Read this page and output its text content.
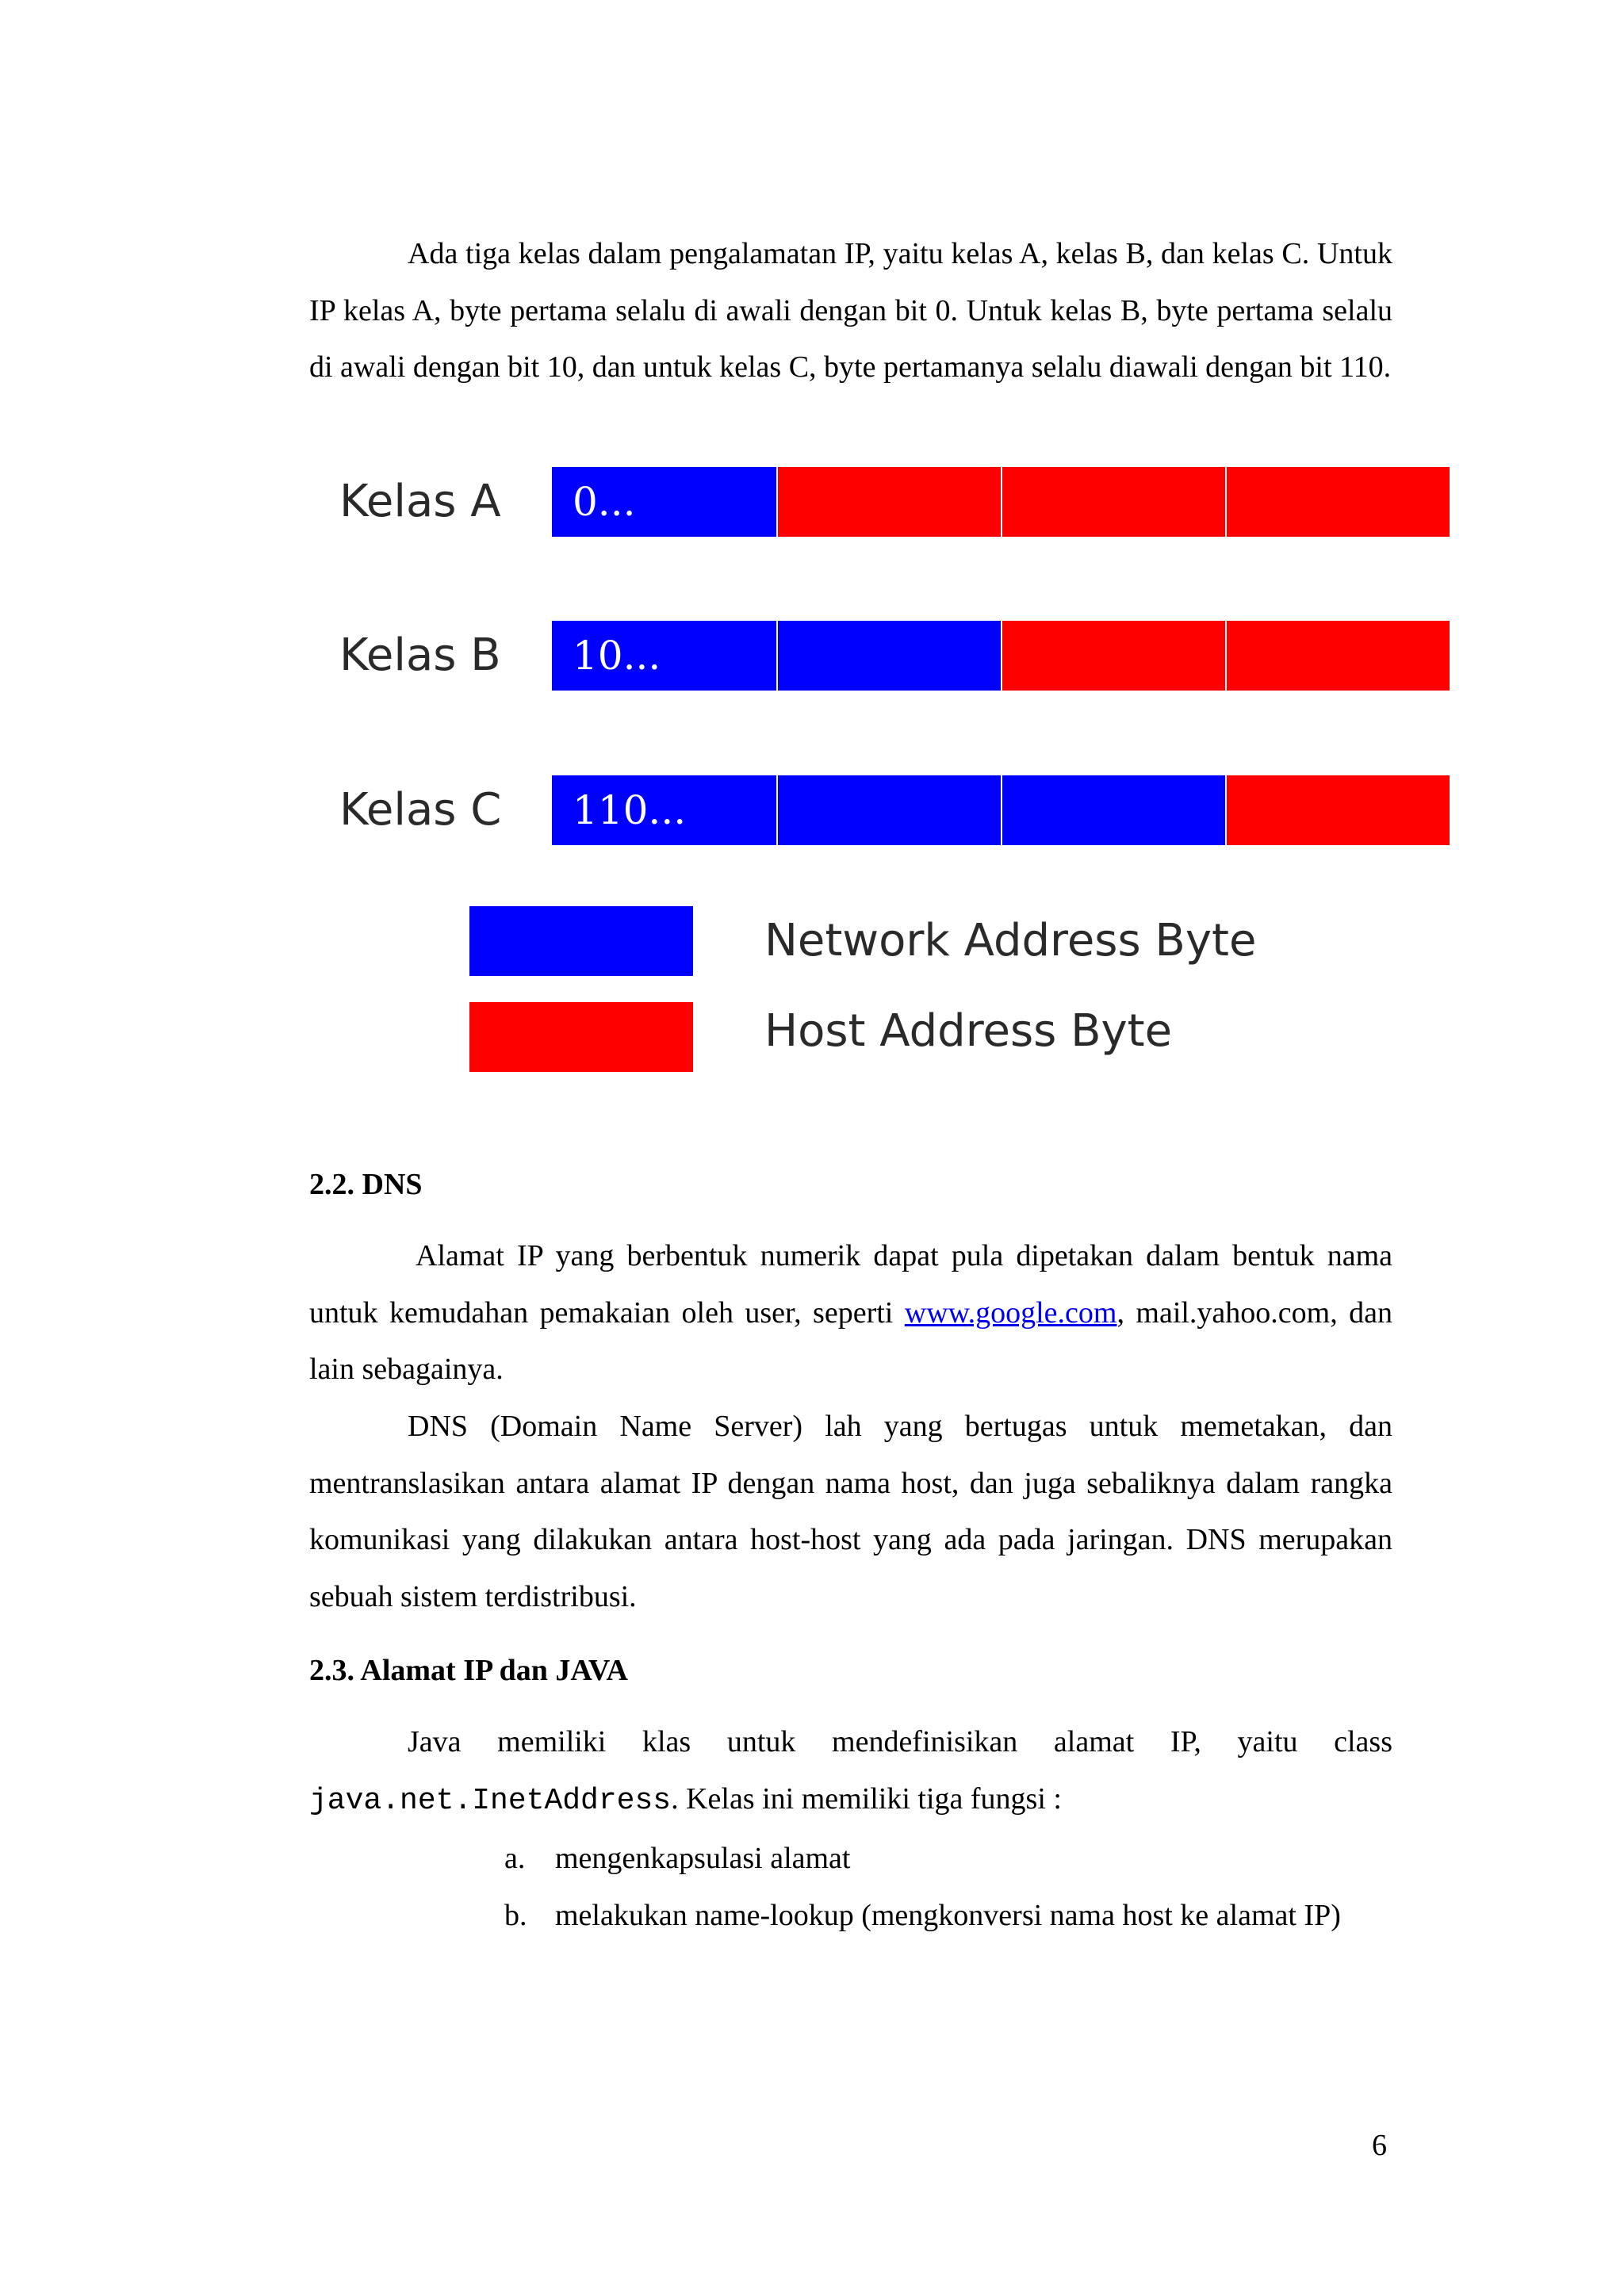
Ada tiga kelas dalam pengalamatan IP, yaitu kelas A, kelas B, dan kelas C. Untuk IP kelas A, byte pertama selalu di awali dengan bit 0. Untuk kelas B, byte pertama selalu di awali dengan bit 10, dan untuk kelas C, byte pertamanya selalu diawali dengan bit 110.

Kelas A 0...
Kelas B 10...
Kelas C 110...
Network Address Byte
Host Address Byte
2.2. DNS

Alamat IP yang berbentuk numerik dapat pula dipetakan dalam bentuk nama untuk kemudahan pemakaian oleh user, seperti www.google.com, mail.yahoo.com, dan lain sebagainya.

DNS (Domain Name Server) lah yang bertugas untuk memetakan, dan mentranslasikan antara alamat IP dengan nama host, dan juga sebaliknya dalam rangka komunikasi yang dilakukan antara host-host yang ada pada jaringan. DNS merupakan sebuah sistem terdistribusi.

2.3. Alamat IP dan JAVA

Java memiliki klas untuk mendefinisikan alamat IP, yaitu class java.net.InetAddress. Kelas ini memiliki tiga fungsi :

a. mengenkapsulasi alamat
b. melakukan name-lookup (mengkonversi nama host ke alamat IP)
6
